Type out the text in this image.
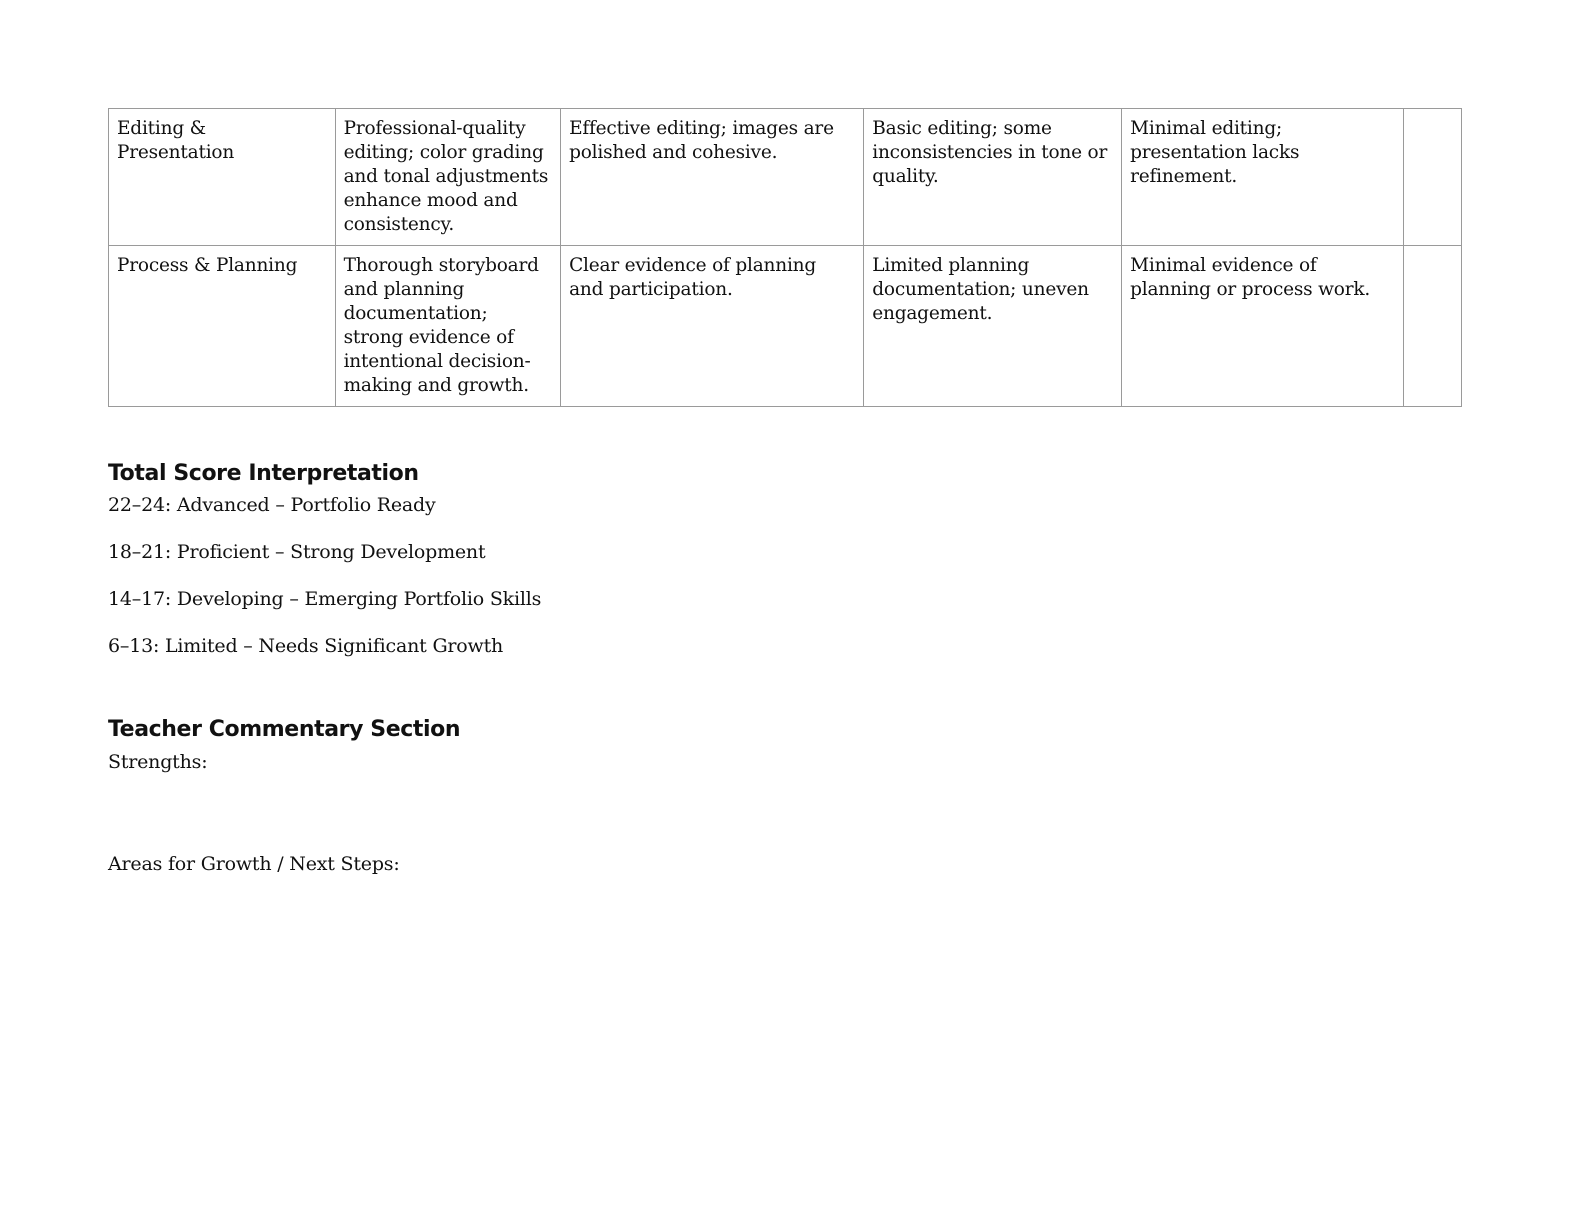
Editing & Presentation	Professional-quality editing; color grading and tonal adjustments enhance mood and consistency.	Effective editing; images are polished and cohesive.	Basic editing; some inconsistencies in tone or quality.	Minimal editing; presentation lacks refinement.	
Process & Planning	Thorough storyboard and planning documentation; strong evidence of intentional decision-making and growth.	Clear evidence of planning and participation.	Limited planning documentation; uneven engagement.	Minimal evidence of planning or process work.	
Total Score Interpretation

22–24: Advanced – Portfolio Ready

18–21: Proficient – Strong Development

14–17: Developing – Emerging Portfolio Skills

6–13: Limited – Needs Significant Growth

Teacher Commentary Section

Strengths:

Areas for Growth / Next Steps:
